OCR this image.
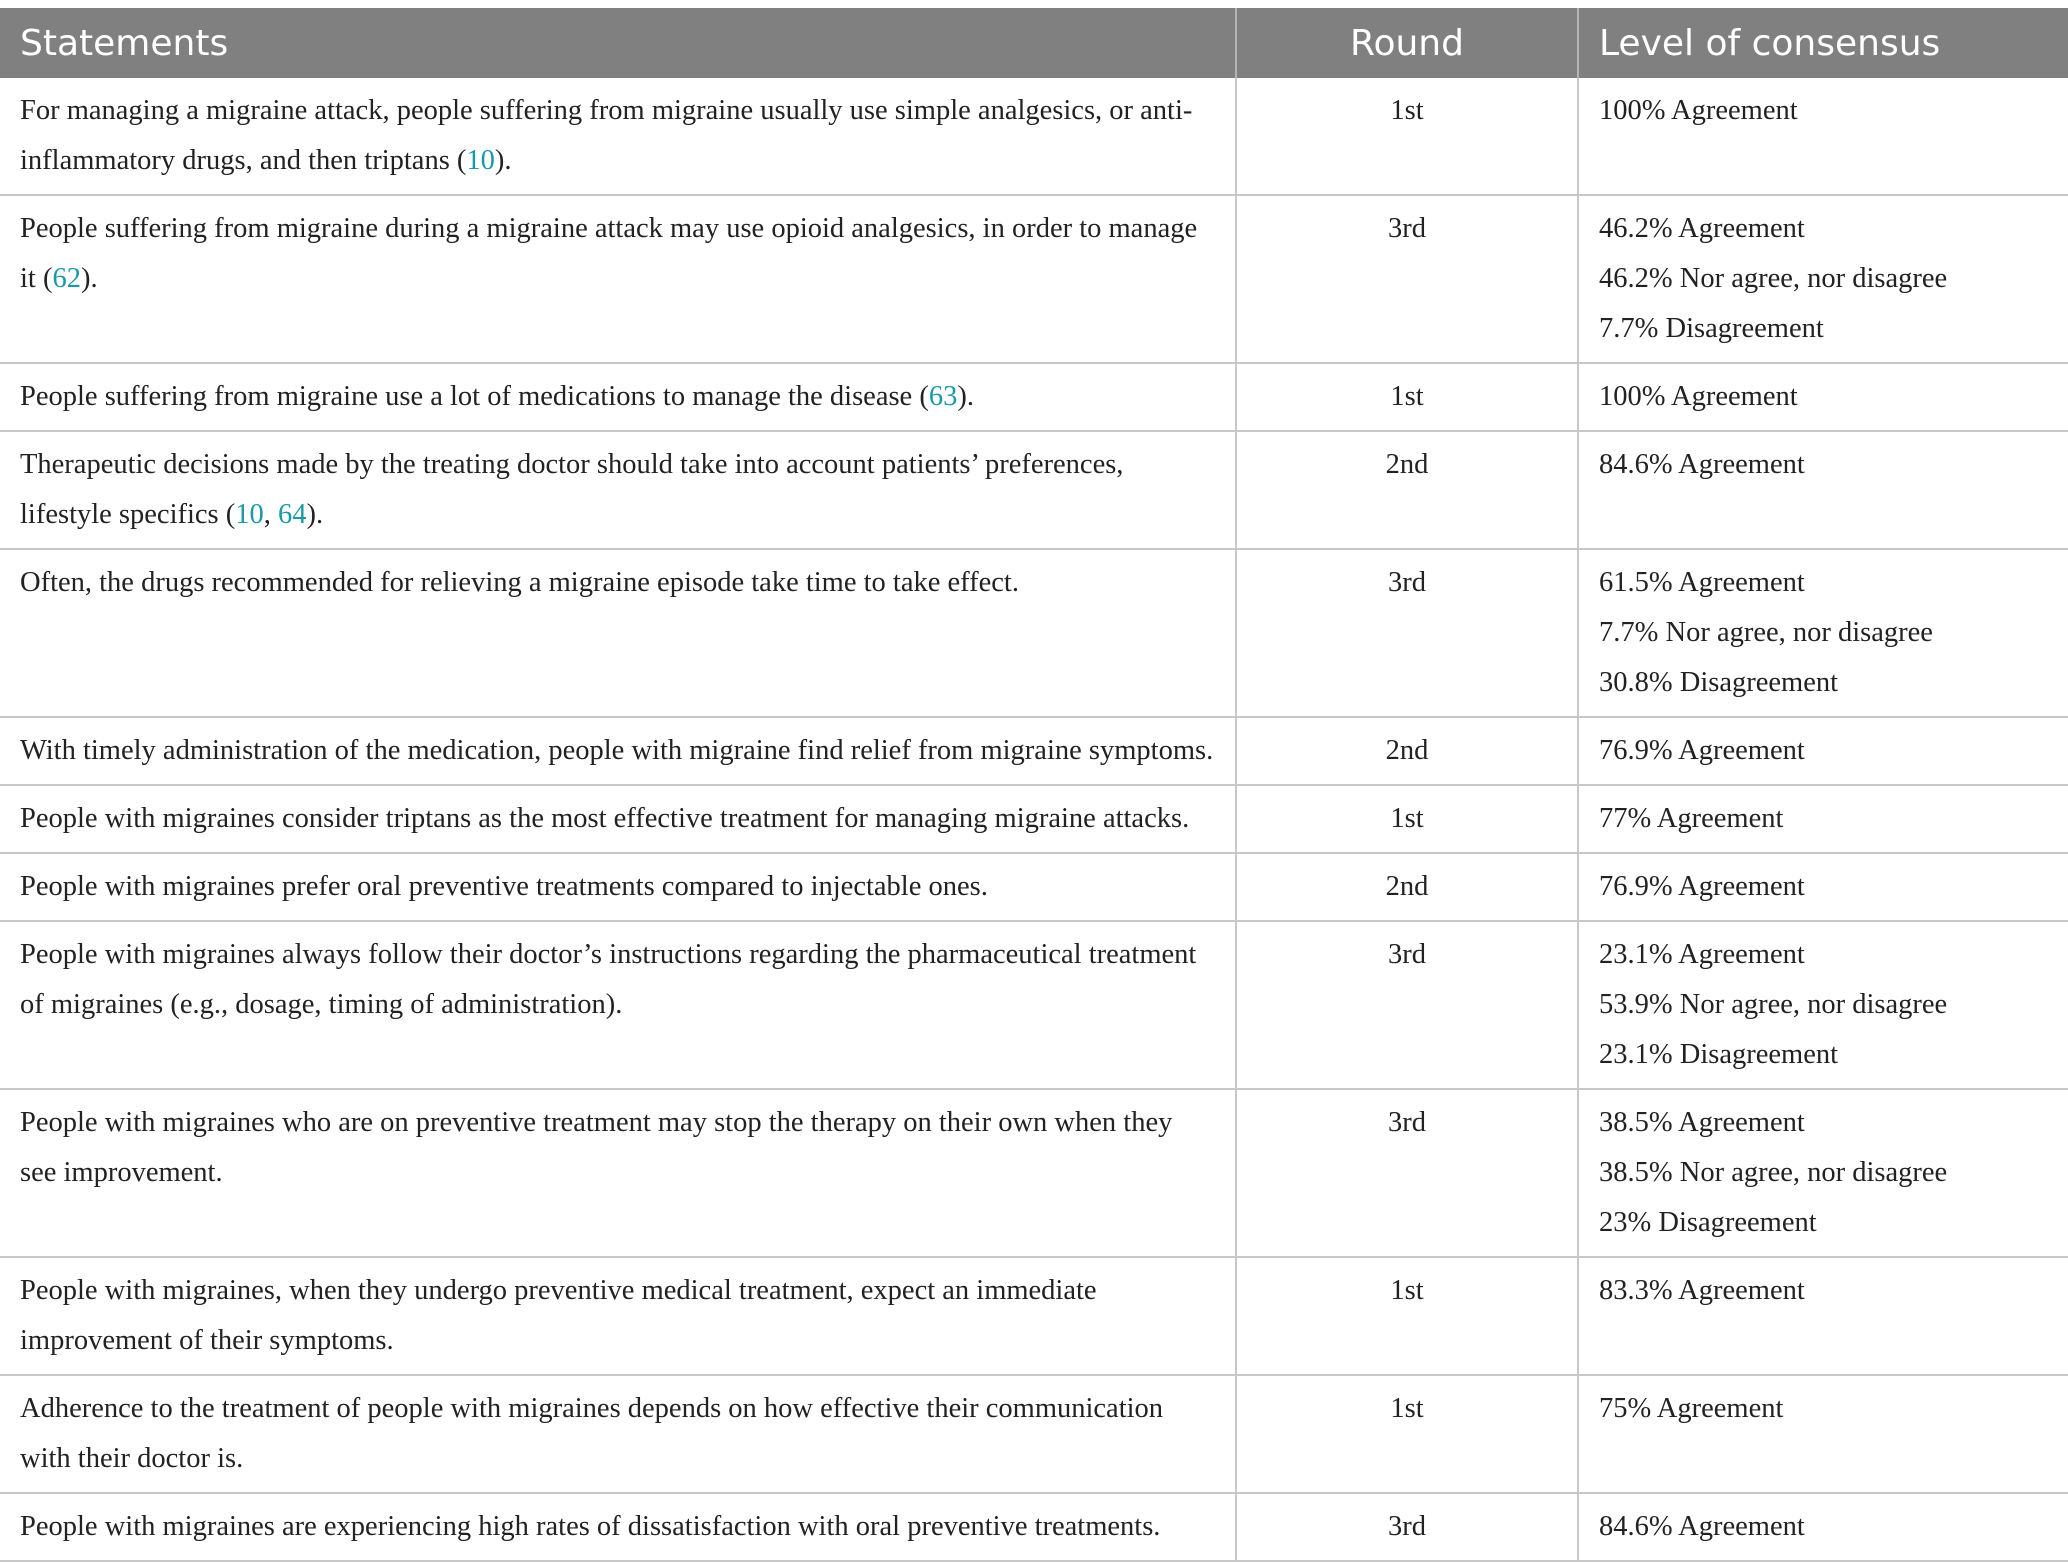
Statements	Round	Level of consensus
For managing a migraine attack, people suffering from migraine usually use simple analgesics, or anti-inflammatory drugs, and then triptans (10).	1st	100% Agreement

People suffering from migraine during a migraine attack may use opioid analgesics, in order to manage it (62).	3rd	46.2% Agreement
46.2% Nor agree, nor disagree
7.7% Disagreement

People suffering from migraine use a lot of medications to manage the disease (63).	1st	100% Agreement

Therapeutic decisions made by the treating doctor should take into account patients’ preferences, lifestyle specifics (10, 64).	2nd	84.6% Agreement

Often, the drugs recommended for relieving a migraine episode take time to take effect.	3rd	61.5% Agreement
7.7% Nor agree, nor disagree
30.8% Disagreement

With timely administration of the medication, people with migraine find relief from migraine symptoms.	2nd	76.9% Agreement

People with migraines consider triptans as the most effective treatment for managing migraine attacks.	1st	77% Agreement

People with migraines prefer oral preventive treatments compared to injectable ones.	2nd	76.9% Agreement

People with migraines always follow their doctor’s instructions regarding the pharmaceutical treatment of migraines (e.g., dosage, timing of administration).	3rd	23.1% Agreement
53.9% Nor agree, nor disagree
23.1% Disagreement

People with migraines who are on preventive treatment may stop the therapy on their own when they see improvement.	3rd	38.5% Agreement
38.5% Nor agree, nor disagree
23% Disagreement

People with migraines, when they undergo preventive medical treatment, expect an immediate improvement of their symptoms.	1st	83.3% Agreement

Adherence to the treatment of people with migraines depends on how effective their communication with their doctor is.	1st	75% Agreement

People with migraines are experiencing high rates of dissatisfaction with oral preventive treatments.	3rd	84.6% Agreement
